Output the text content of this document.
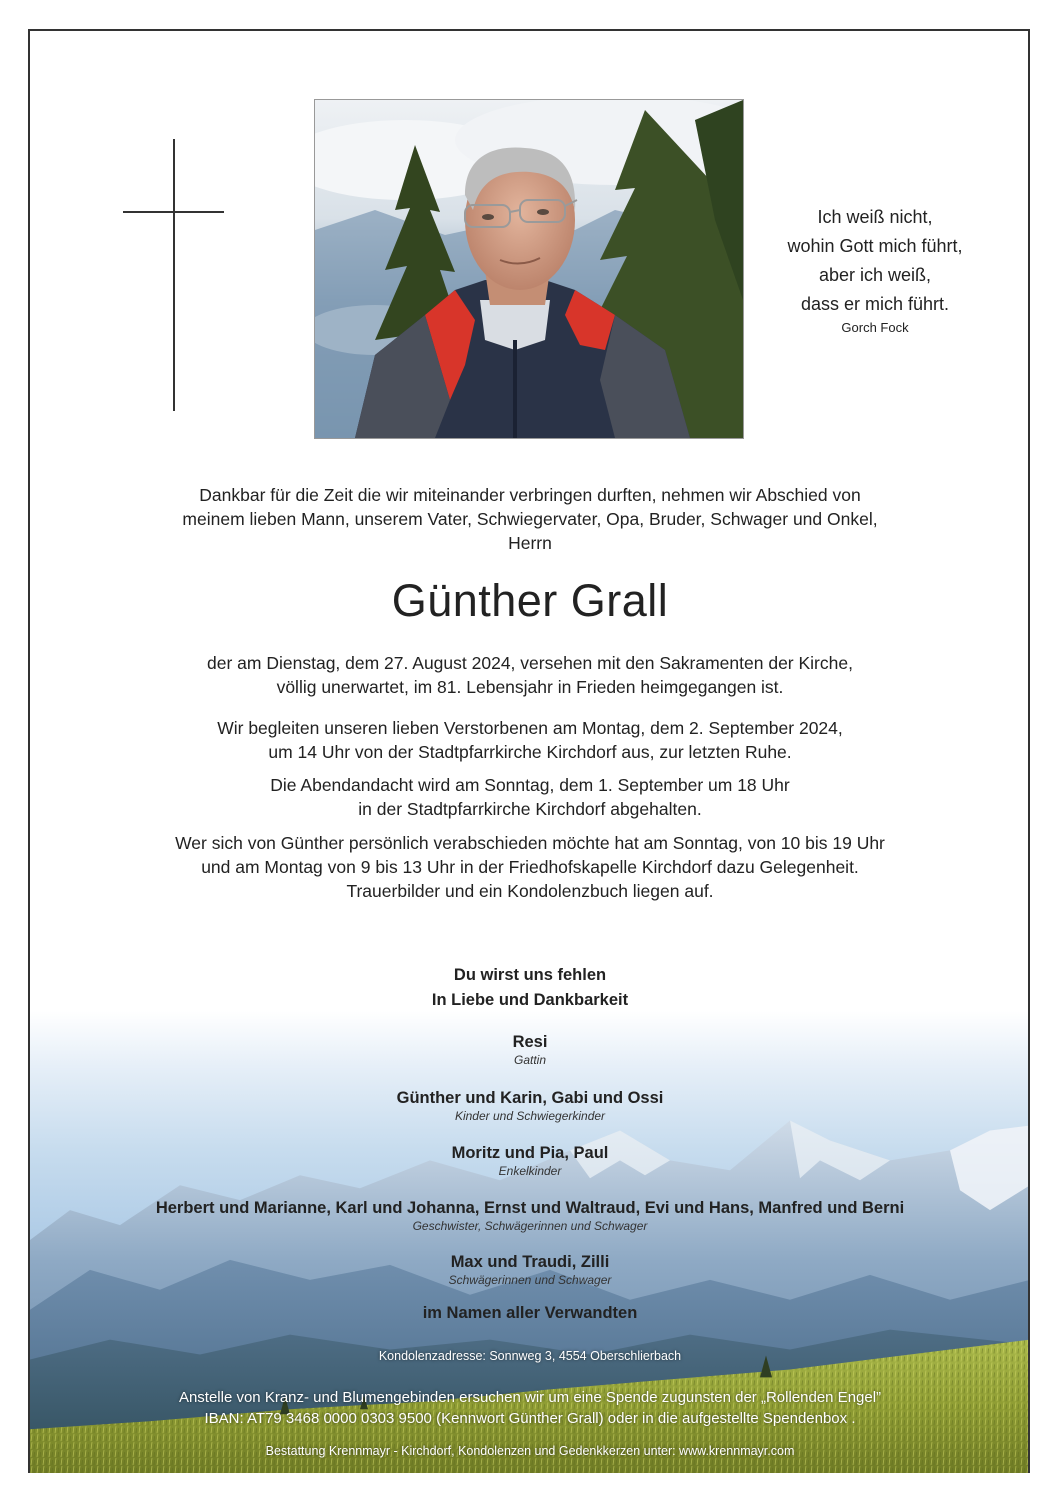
Ich weiß nicht,
wohin Gott mich führt,
aber ich weiß,
dass er mich führt.
Gorch Fock
Dankbar für die Zeit die wir miteinander verbringen durften, nehmen wir Abschied von
meinem lieben Mann, unserem Vater, Schwiegervater, Opa, Bruder, Schwager und Onkel,
Herrn
Günther Grall
der am Dienstag, dem 27. August 2024, versehen mit den Sakramenten der Kirche,
völlig unerwartet, im 81. Lebensjahr in Frieden heimgegangen ist.
Wir begleiten unseren lieben Verstorbenen am Montag, dem 2. September 2024,
um 14 Uhr von der Stadtpfarrkirche Kirchdorf aus, zur letzten Ruhe.
Die Abendandacht wird am Sonntag, dem 1. September um 18 Uhr
in der Stadtpfarrkirche Kirchdorf abgehalten.
Wer sich von Günther persönlich verabschieden möchte hat am Sonntag, von 10 bis 19 Uhr
und am Montag von 9 bis 13 Uhr in der Friedhofskapelle Kirchdorf dazu Gelegenheit.
Trauerbilder und ein Kondolenzbuch liegen auf.
Du wirst uns fehlen
In Liebe und Dankbarkeit
Resi
Gattin
Günther und Karin, Gabi und Ossi
Kinder und Schwiegerkinder
Moritz und Pia, Paul
Enkelkinder
Herbert und Marianne, Karl und Johanna, Ernst und Waltraud, Evi und Hans, Manfred und Berni
Geschwister, Schwägerinnen und Schwager
Max und Traudi, Zilli
Schwägerinnen und Schwager
im Namen aller Verwandten
Kondolenzadresse: Sonnweg 3, 4554 Oberschlierbach
Anstelle von Kranz- und Blumengebinden ersuchen wir um eine Spende zugunsten der „Rollenden Engel”
IBAN: AT79 3468 0000 0303 9500 (Kennwort Günther Grall) oder in die aufgestellte Spendenbox .
Bestattung Krennmayr - Kirchdorf, Kondolenzen und Gedenkkerzen unter: www.krennmayr.com
